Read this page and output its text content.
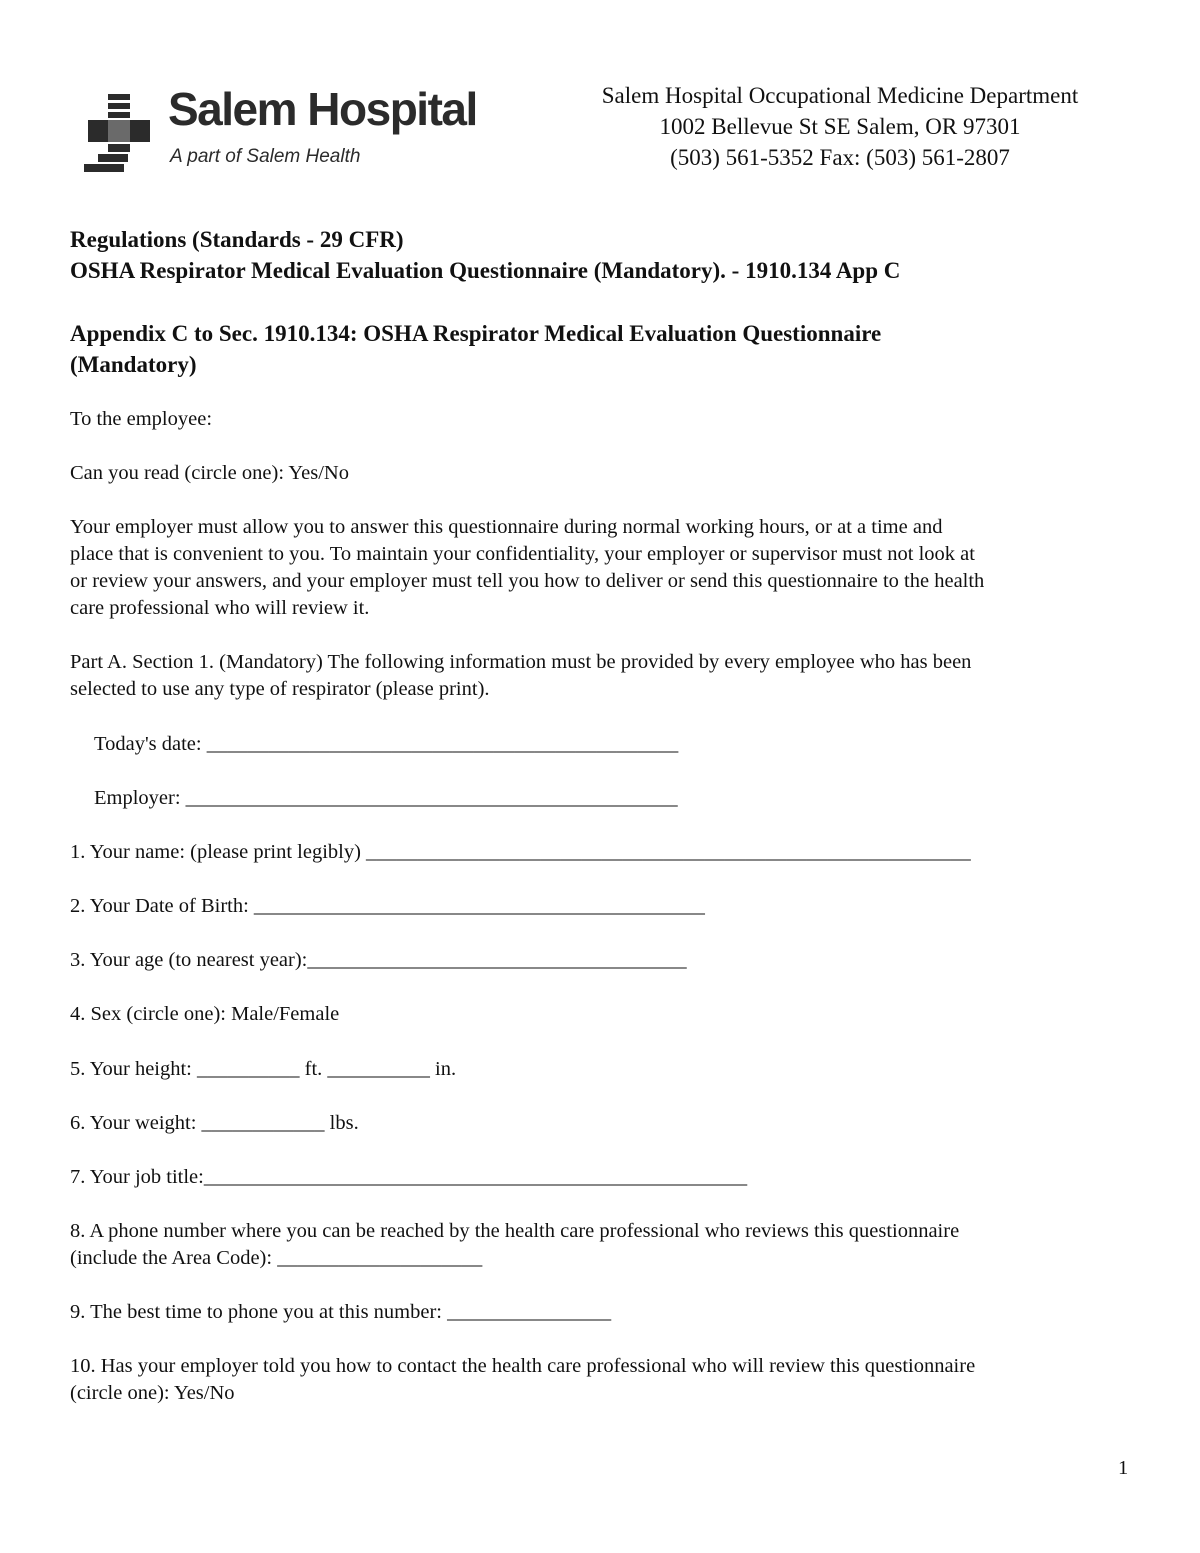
Salem Hospital
A part of Salem Health
Salem Hospital Occupational Medicine Department
1002 Bellevue St SE Salem, OR 97301
(503) 561-5352 Fax: (503) 561-2807
Regulations (Standards - 29 CFR)
OSHA Respirator Medical Evaluation Questionnaire (Mandatory). - 1910.134 App C
Appendix C to Sec. 1910.134: OSHA Respirator Medical Evaluation Questionnaire
(Mandatory)
To the employee:
Can you read (circle one): Yes/No
Your employer must allow you to answer this questionnaire during normal working hours, or at a time and
place that is convenient to you. To maintain your confidentiality, your employer or supervisor must not look at
or review your answers, and your employer must tell you how to deliver or send this questionnaire to the health
care professional who will review it.
Part A. Section 1. (Mandatory) The following information must be provided by every employee who has been
selected to use any type of respirator (please print).
Today's date: ______________________________________________
Employer: ________________________________________________
1. Your name: (please print legibly) ___________________________________________________________
2. Your Date of Birth: ____________________________________________
3. Your age (to nearest year):_____________________________________
4. Sex (circle one): Male/Female
5. Your height: __________ ft. __________ in.
6. Your weight: ____________ lbs.
7. Your job title:_____________________________________________________
8. A phone number where you can be reached by the health care professional who reviews this questionnaire
(include the Area Code): ____________________
9. The best time to phone you at this number: ________________
10. Has your employer told you how to contact the health care professional who will review this questionnaire
(circle one): Yes/No
1
